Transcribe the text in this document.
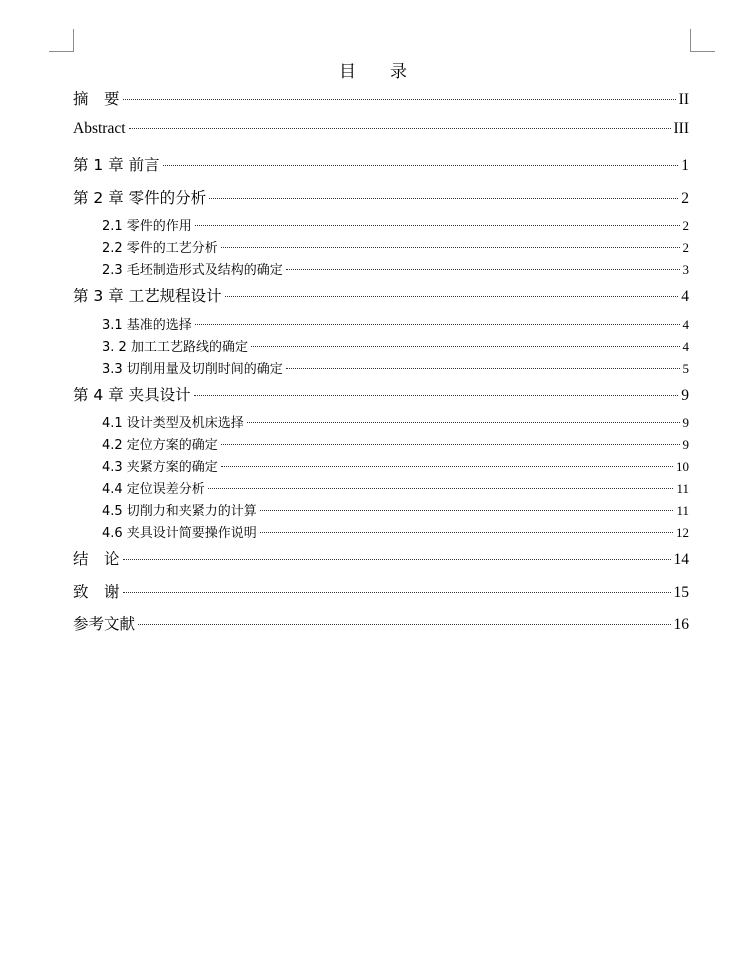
目　　录
摘　要	II
Abstract	III
第 1 章 前言	1
第 2 章 零件的分析	2
2.1 零件的作用	2
2.2 零件的工艺分析	2
2.3 毛坯制造形式及结构的确定	3
第 3 章 工艺规程设计	4
3.1 基准的选择	4
3. 2 加工工艺路线的确定	4
3.3 切削用量及切削时间的确定	5
第 4 章 夹具设计	9
4.1 设计类型及机床选择	9
4.2 定位方案的确定	9
4.3 夹紧方案的确定	10
4.4 定位误差分析	11
4.5 切削力和夹紧力的计算	11
4.6 夹具设计简要操作说明	12
结　论	14
致　谢	15
参考文献	16
